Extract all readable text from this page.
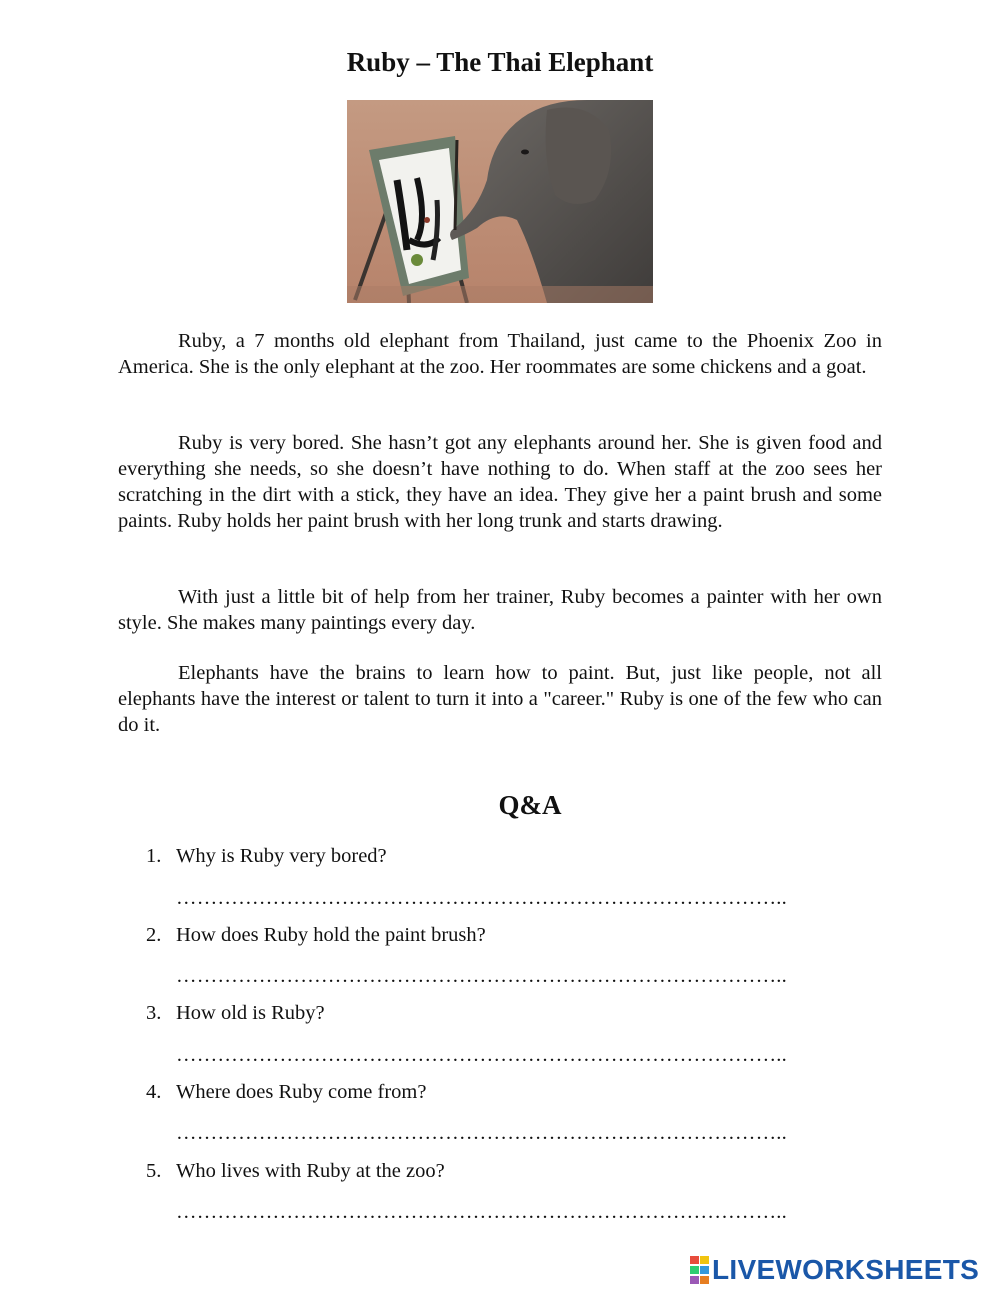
Ruby – The Thai Elephant

Ruby, a 7 months old elephant from Thailand, just came to the Phoenix Zoo in America. She is the only elephant at the zoo. Her roommates are some chickens and a goat.

Ruby is very bored. She hasn’t got any elephants around her. She is given food and everything she needs, so she doesn’t have nothing to do. When staff at the zoo sees her scratching in the dirt with a stick, they have an idea. They give her a paint brush and some paints. Ruby holds her paint brush with her long trunk and starts drawing.

With just a little bit of help from her trainer, Ruby becomes a painter with her own style. She makes many paintings every day.

Elephants have the brains to learn how to paint. But, just like people, not all elephants have the interest or talent to turn it into a "career." Ruby is one of the few who can do it.

Q&A
1. Why is Ruby very bored?
……………………………………………………………………………..
2. How does Ruby hold the paint brush?
……………………………………………………………………………..
3. How old is Ruby?
……………………………………………………………………………..
4. Where does Ruby come from?
……………………………………………………………………………..
5. Who lives with Ruby at the zoo?
……………………………………………………………………………..
LIVEWORKSHEETS
